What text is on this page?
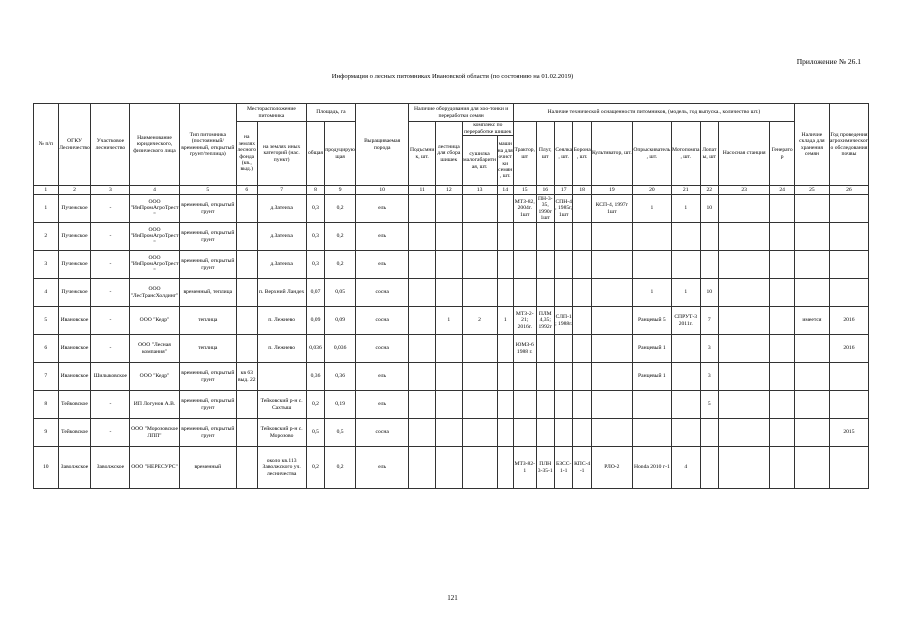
Приложение № 26.1
Информация о лесных питомниках Ивановской области (по состоянию на 01.02.2019)
№ п/п	ОГКУ Лесничество	Участковое лесничество	Наименование юридического, физического лица	Тип питомника (постоянный/временный, открытый грунт/теплица)	Месторасположение питомника		Площадь, га		Выращиваемая порода	Наличие оборудования для хоо-тонки и переработки семян				Наличие технической оснащенности питомников, (модель, год выпуска., количество шт.)										Наличие склада для хранения семян	Год проведения агрохимического обследования почвы
					на землях лесного фонда (кв., выд.)	на землях иных категорий (нас. пункт)	общая	продуцирующая		Подъсмник, шт.	лестница для сбора шишек	комплекс по переработке шишек		Трактор, шт	Плуг, шт	Сеялка, шт.	Борона, шт.	Культиватор, шт.	Опрыскиватель, шт.	Мотопомпа, шт.	Лопаты, шт	Насосная станция	Генератор		
												сушилка малогабаритная, шт.	машина для очистки семян, шт.												
1	2	3	4	5	6	7	8	9	10	11	12	13	14	15	16	17	18	19	20	21	22	23	24	25	26
1	Пучежское	-	ООО "ИнПромАгроТрест"	временный, открытый грунт		д.Затеиха	0,3	0,2	ель					МТЗ-82, 2004г. 1шт	ПН-3-35, 1990г 1шт	СПН-4, 1985г, 1шт		КСП-4, 1997г 1шт	1	1	10				
2	Пучежское	-	ООО "ИнПромАгроТрест"	временный, открытый грунт		д.Затеиха	0,3	0,2	ель																
3	Пучежское	-	ООО "ИнПромАгроТрест"	временный, открытый грунт		д.Затеиха	0,3	0,2	ель																
4	Пучежское	-	ООО "ЛесТрансХолдинг"	временный, теплица		п. Верхний Ландех	0,07	0,05	сосна										1	1	10				
5	Ивановское	-	ООО "Кедр"	теплица		п. Лежнево	0,09	0,09	сосна		1	2	1	МТЗ-2-21; 2016г.	ПЛМ 4,35; 1992г	СЛП-1; 1988г.			Ранцевый 5	СПРУТ-3 2011г.	7			имеется	2016
6	Ивановское	-	ООО "Лесная компания"	теплица		п. Лежнево	0,036	0,036	сосна					ЮМЗ-6 1988 г.					Ранцевый 1		3				2016
7	Ивановское	Шилыковское	ООО "Кедр"	временный, открытый грунт	кв 63 выд. 22		0,36	0,36	ель										Ранцевый 1		3				
8	Тейковское	-	ИП Логунов А.В.	временный, открытый грунт		Тейковский р-н с. Сахтыш	0,2	0,19	ель												5				
9	Тейковское	-	ООО "Морозовское ЛПП"	временный, открытый грунт		Тейковский р-н с. Морозово	0,5	0,5	сосна																2015
10	Заволжское	Заволжское	ООО "НЕРЕСУРС"	временный		около кв.113 Заволжского уч. лесничества	0,2	0,2	ель					МТЗ-82-1	ПЛН 3-35-1	БЗСС-1-1	КПС-4 -1	РЛО-2	Honda 2010 г-1	4					
121
